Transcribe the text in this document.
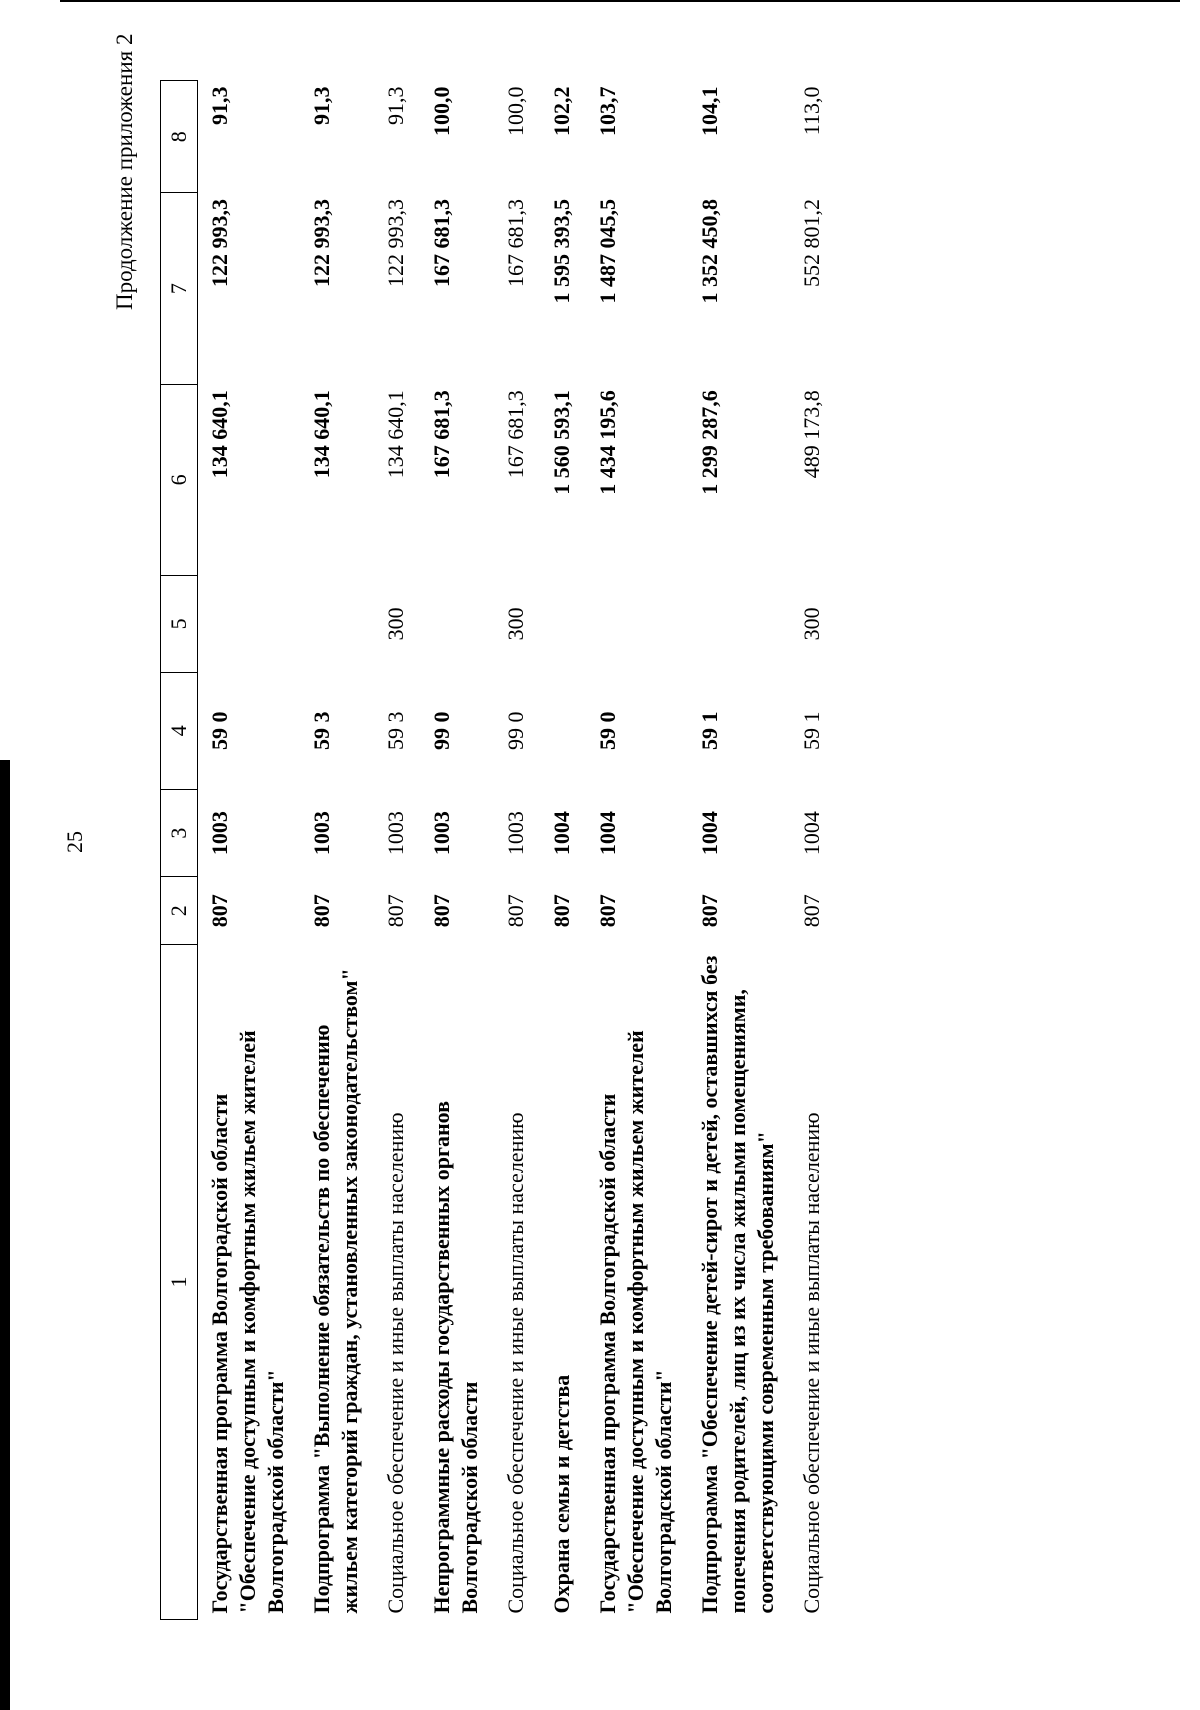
25
Продолжение приложения 2
1	2	3	4	5	6	7	8
Государственная программа Волгоградской области "Обеспечение доступным и комфортным жильем жителей Волгоградской области"	807	1003	59 0		134 640,1	122 993,3	91,3
Подпрограмма "Выполнение обязательств по обеспечению жильем категорий граждан, установленных законодательством"	807	1003	59 3		134 640,1	122 993,3	91,3
Социальное обеспечение и иные выплаты населению	807	1003	59 3	300	134 640,1	122 993,3	91,3
Непрограммные расходы государственных органов Волгоградской области	807	1003	99 0		167 681,3	167 681,3	100,0
Социальное обеспечение и иные выплаты населению	807	1003	99 0	300	167 681,3	167 681,3	100,0
Охрана семьи и детства	807	1004			1 560 593,1	1 595 393,5	102,2
Государственная программа Волгоградской области "Обеспечение доступным и комфортным жильем жителей Волгоградской области"	807	1004	59 0		1 434 195,6	1 487 045,5	103,7
Подпрограмма "Обеспечение детей-сирот и детей, оставшихся без попечения родителей, лиц из их числа жилыми помещениями, соответствующими современным требованиям"	807	1004	59 1		1 299 287,6	1 352 450,8	104,1
Социальное обеспечение и иные выплаты населению	807	1004	59 1	300	489 173,8	552 801,2	113,0
